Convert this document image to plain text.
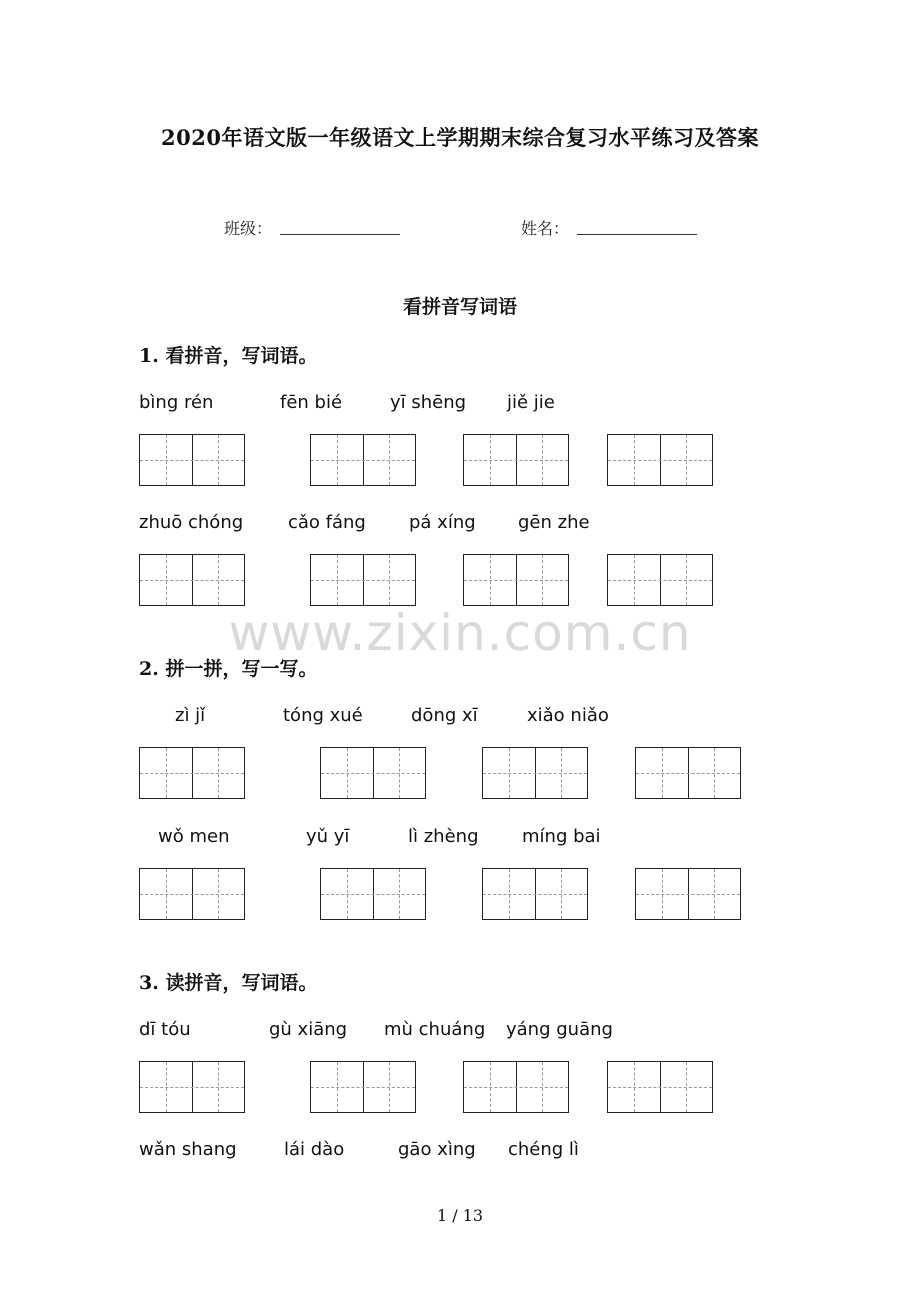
2020年语文版一年级语文上学期期末综合复习水平练习及答案
班级：	姓名：
看拼音写词语
1. 看拼音，写词语。
bìng rén	fēn bié	yī shēng jiě jie
zhuō chóng cǎo fáng pá xíng gēn zhe
www.zixin.com.cn
2. 拼一拼，写一写。
zì jǐ	tóng xué	dōng xī	xiǎo niǎo
wǒ men	yǔ yī	lì zhèng míng bai
3. 读拼音，写词语。
dī tóu	gù xiāng mù chuáng yáng guāng
wǎn shang	lái dào	gāo xìng chéng lì
1 / 13
